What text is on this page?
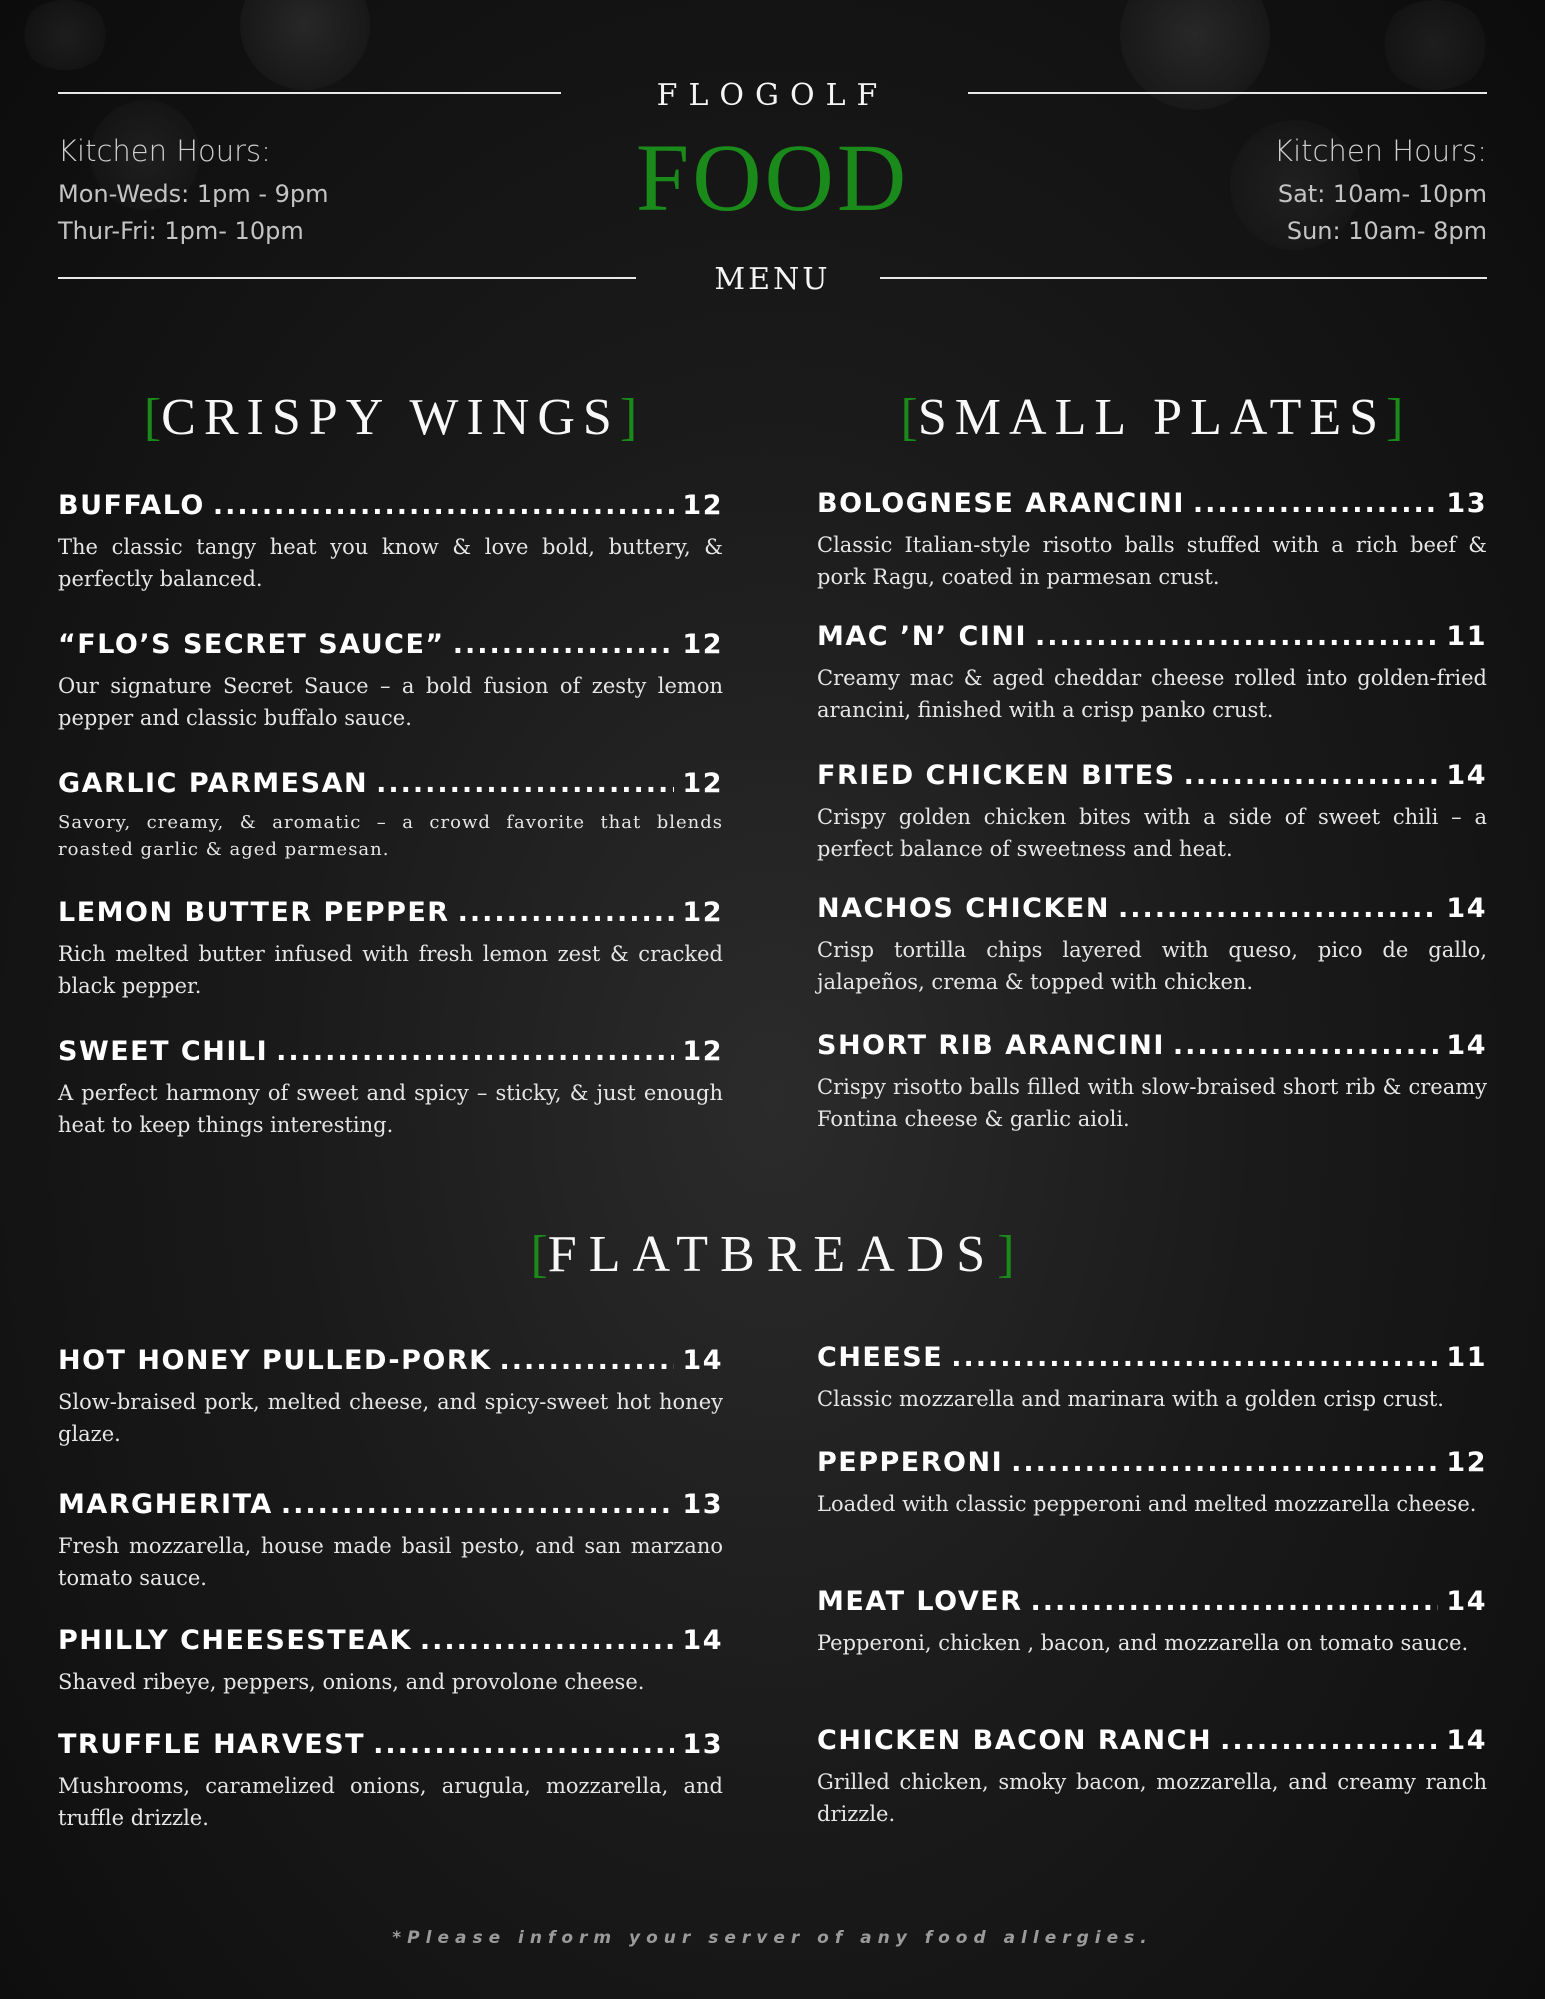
FLOGOLF
FOOD
MENU
Kitchen Hours:
Mon-Weds: 1pm - 9pm
Thur-Fri: 1pm- 10pm
Kitchen Hours:
Sat: 10am- 10pm
Sun: 10am- 8pm
[CRISPY WINGS]
BUFFALO .....	12
The classic tangy heat you know & love bold, buttery, & perfectly balanced.
“FLO’S SECRET SAUCE” .....	12
Our signature Secret Sauce – a bold fusion of zesty lemon pepper and classic buffalo sauce.
GARLIC PARMESAN .....	12
Savory, creamy, & aromatic – a crowd favorite that blends roasted garlic & aged parmesan.
LEMON BUTTER PEPPER .....	12
Rich melted butter infused with fresh lemon zest & cracked black pepper.
SWEET CHILI .....	12
A perfect harmony of sweet and spicy – sticky, & just enough heat to keep things interesting.
[SMALL PLATES]
BOLOGNESE ARANCINI .....	13
Classic Italian-style risotto balls stuffed with a rich beef & pork Ragu, coated in parmesan crust.
MAC ’N’ CINI .....	11
Creamy mac & aged cheddar cheese rolled into golden-fried arancini, finished with a crisp panko crust.
FRIED CHICKEN BITES .....	14
Crispy golden chicken bites with a side of sweet chili – a perfect balance of sweetness and heat.
NACHOS CHICKEN .....	14
Crisp tortilla chips layered with queso, pico de gallo, jalapeños, crema & topped with chicken.
SHORT RIB ARANCINI .....	14
Crispy risotto balls filled with slow-braised short rib & creamy Fontina cheese & garlic aioli.
[FLATBREADS]
HOT HONEY PULLED-PORK .....	14
Slow-braised pork, melted cheese, and spicy-sweet hot honey glaze.
MARGHERITA .....	13
Fresh mozzarella, house made basil pesto, and san marzano tomato sauce.
PHILLY CHEESESTEAK .....	14
Shaved ribeye, peppers, onions, and provolone cheese.
TRUFFLE HARVEST .....	13
Mushrooms, caramelized onions, arugula, mozzarella, and truffle drizzle.
CHEESE .....	11
Classic mozzarella and marinara with a golden crisp crust.
PEPPERONI .....	12
Loaded with classic pepperoni and melted mozzarella cheese.
MEAT LOVER .....	14
Pepperoni, chicken , bacon, and mozzarella on tomato sauce.
CHICKEN BACON RANCH .....	14
Grilled chicken, smoky bacon, mozzarella, and creamy ranch drizzle.
*Please inform your server of any food allergies.
